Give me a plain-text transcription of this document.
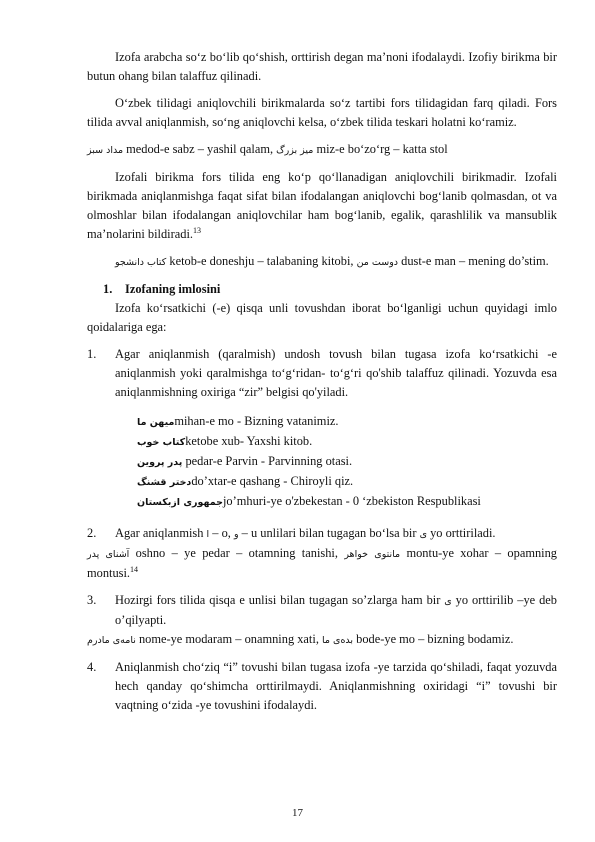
Izofa arabcha so‘z bo‘lib qo‘shish, orttirish degan ma’noni ifodalaydi. Izofiy birikma bir butun ohang bilan talaffuz qilinadi.

O‘zbek tilidagi aniqlovchili birikmalarda so‘z tartibi fors tilidagidan farq qiladi. Fors tilida avval aniqlanmish, so‘ng aniqlovchi kelsa, o‘zbek tilida teskari holatni ko‘ramiz.

مداد سبز medod-e sabz – yashil qalam, میز بزرگ miz-e bo‘zo‘rg – katta stol

Izofali birikma fors tilida eng ko‘p qo‘llanadigan aniqlovchili birikmadir. Izofali birikmada aniqlanmishga faqat sifat bilan ifodalangan aniqlovchi bog‘lanib qolmasdan, ot va olmoshlar bilan ifodalangan aniqlovchilar ham bog‘lanib, egalik, qarashlilik va mansublik ma’nolarini bildiradi.$^{13}$

کتاب دانشجو ketob-e doneshju – talabaning kitobi, دوست من dust-e man – mening do’stim.

1. Izofaning imlosini

Izofa ko‘rsatkichi (-e) qisqa unli tovushdan iborat bo‘lganligi uchun quyidagi imlo qoidalariga ega:

1.	Agar aniqlanmish (qaralmish) undosh tovush bilan tugasa izofa ko‘rsatkichi -e aniqlanmish yoki qaralmishga to‘g‘ridan- to‘g‘ri qo'shib talaffuz qilinadi. Yozuvda esa aniqlanmishning oxiriga “zir” belgisi qo'yiladi.
میهن ماmihan-e mo - Bizning vatanimiz.
کتاب خوبketobe xub- Yaxshi kitob.
پدر پروین pedar-e Parvin - Parvinning otasi.
دختر قشنگdo’xtar-e qashang - Chiroyli qiz.
جمهوری ازبکستانjo’mhuri-ye o'zbekestan - 0 ‘zbekiston Respublikasi
2.	Agar aniqlanmish ا – o, و – u unlilari bilan tugagan bo‘lsa bir ی yo orttiriladi.

آشنای پدر oshno – ye pedar – otamning tanishi, مانتوی خواهر montu-ye xohar – opamning montusi.$^{14}$

3.	Hozirgi fors tilida qisqa e unlisi bilan tugagan so’zlarga ham bir ی yo orttirilib –ye deb o’qilyapti.

نامه‌ی مادرم nome-ye modaram – onamning xati, بده‌ی ما bode-ye mo – bizning bodamiz.

4.	Aniqlanmish cho‘ziq “i” tovushi bilan tugasa izofa -ye tarzida qo‘shiladi, faqat yozuvda hech qanday qo‘shimcha orttirilmaydi. Aniqlanmishning oxiridagi “i” tovushi bir vaqtning o‘zida -ye tovushini ifodalaydi.
17
